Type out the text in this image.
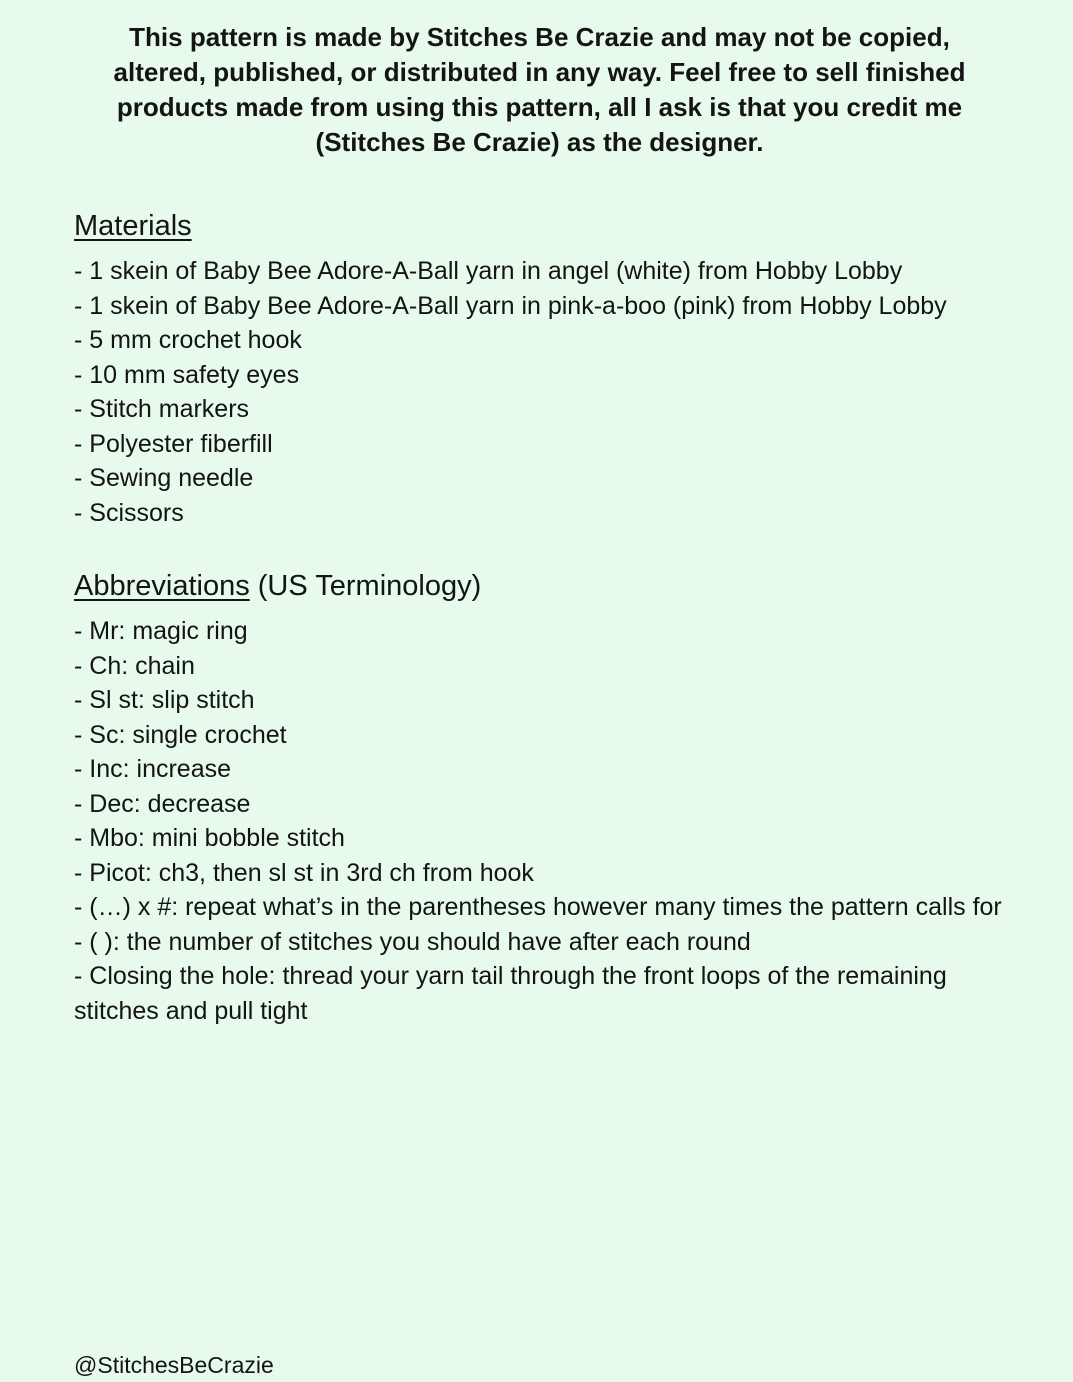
This pattern is made by Stitches Be Crazie and may not be copied, altered, published, or distributed in any way. Feel free to sell finished products made from using this pattern, all I ask is that you credit me (Stitches Be Crazie) as the designer.

Materials
- 1 skein of Baby Bee Adore-A-Ball yarn in angel (white) from Hobby Lobby
- 1 skein of Baby Bee Adore-A-Ball yarn in pink-a-boo (pink) from Hobby Lobby
- 5 mm crochet hook
- 10 mm safety eyes
- Stitch markers
- Polyester fiberfill
- Sewing needle
- Scissors
Abbreviations (US Terminology)
- Mr: magic ring
- Ch: chain
- Sl st: slip stitch
- Sc: single crochet
- Inc: increase
- Dec: decrease
- Mbo: mini bobble stitch
- Picot: ch3, then sl st in 3rd ch from hook
- (…) x #: repeat what’s in the parentheses however many times the pattern calls for
- ( ): the number of stitches you should have after each round
- Closing the hole: thread your yarn tail through the front loops of the remaining stitches and pull tight
@StitchesBeCrazie
